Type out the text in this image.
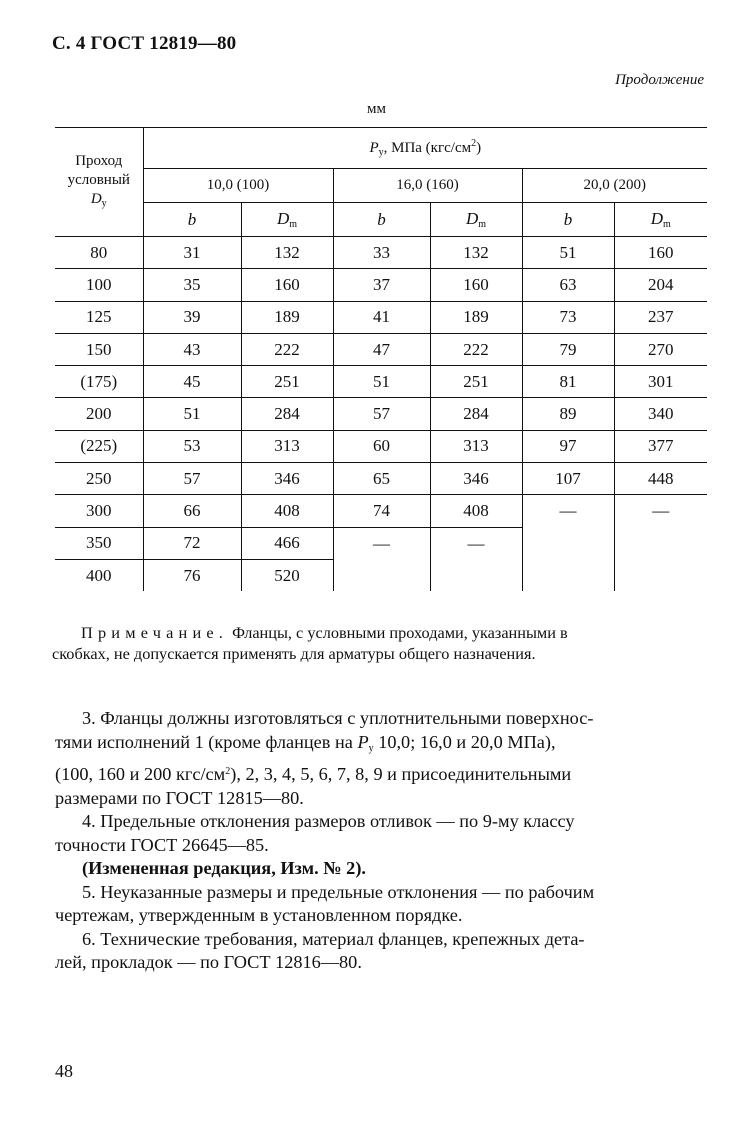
С. 4 ГОСТ 12819—80
Продолжение
мм
Проход
условный
$D_у$	$P_у$, МПа $(кгс/см^2)$					
	10,0 (100)		16,0 (160)		20,0 (200)	
	b	$D_m$	b	$D_m$	b	$D_m$
80	31	132	33	132	51	160
100	35	160	37	160	63	204
125	39	189	41	189	73	237
150	43	222	47	222	79	270
(175)	45	251	51	251	81	301
200	51	284	57	284	89	340
(225)	53	313	60	313	97	377
250	57	346	65	346	107	448
300	66	408	74	408	—	—
350	72	466	—	—		
400	76	520				
Примечание. Фланцы, с условными проходами, указанными в
скобках, не допускается применять для арматуры общего назначения.
3. Фланцы должны изготовляться с уплотнительными поверхнос-
тями исполнений 1 (кроме фланцев на $P_у$ 10,0; 16,0 и 20,0 МПа),
(100, 160 и 200 кгс/$см^2$), 2, 3, 4, 5, 6, 7, 8, 9 и присоединительными
размерами по ГОСТ 12815—80.
4. Предельные отклонения размеров отливок — по 9-му классу
точности ГОСТ 26645—85.
(Измененная редакция, Изм. № 2).
5. Неуказанные размеры и предельные отклонения — по рабочим
чертежам, утвержденным в установленном порядке.
6. Технические требования, материал фланцев, крепежных дета-
лей, прокладок — по ГОСТ 12816—80.
48
